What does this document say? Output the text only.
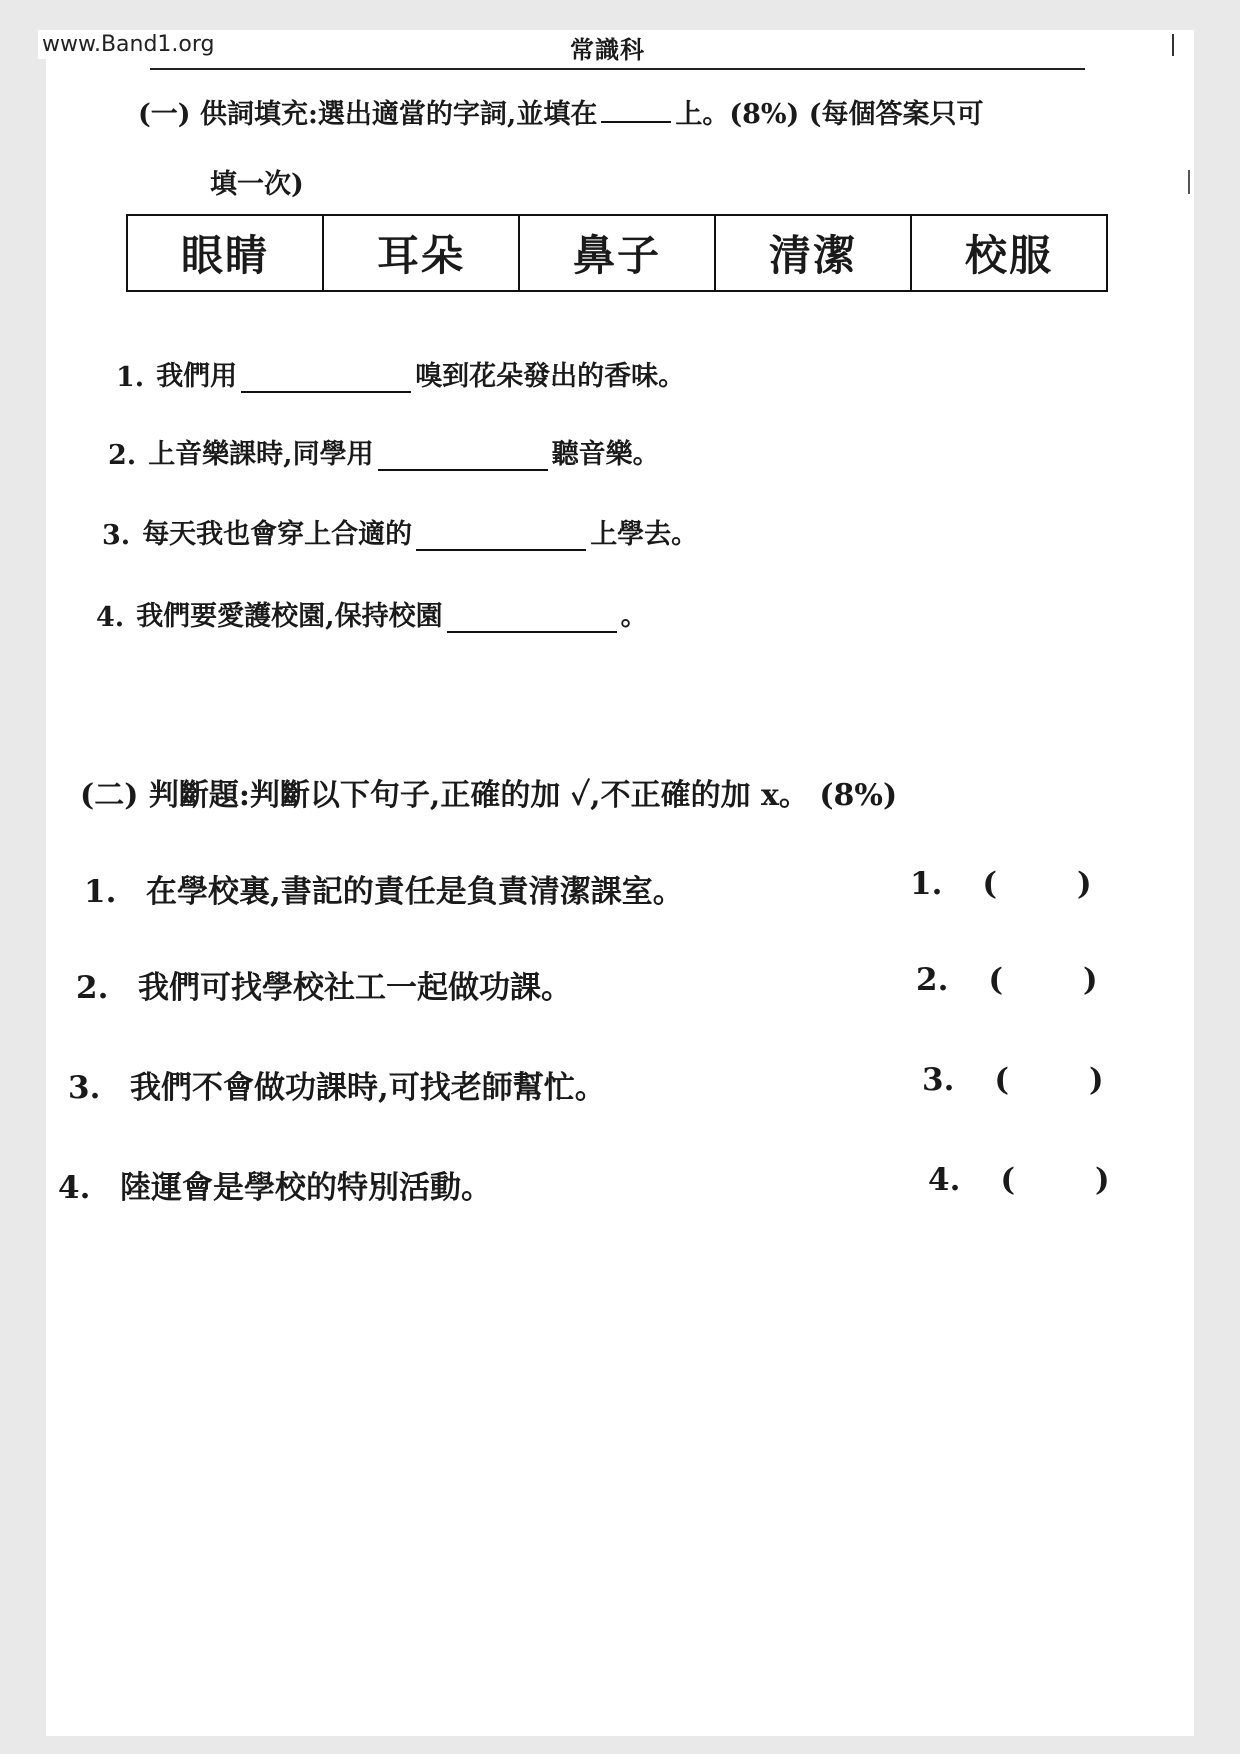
www.Band1.org	常識科
(一) 供詞填充:選出適當的字詞,並填在	上。(8%) (每個答案只可
填一次)
眼睛	耳朵	鼻子	清潔	校服
1. 我們用	嗅到花朵發出的香味。
2. 上音樂課時,同學用	聽音樂。
3. 每天我也會穿上合適的	上學去。
4. 我們要愛護校園,保持校園	。
(二) 判斷題:判斷以下句子,正確的加 ✓,不正確的加 x。 (8%)
1. 在學校裏,書記的責任是負責清潔課室。	1. (	)
2. 我們可找學校社工一起做功課。	2. (	)
3. 我們不會做功課時,可找老師幫忙。	3. (	)
4. 陸運會是學校的特別活動。	4. (	)
